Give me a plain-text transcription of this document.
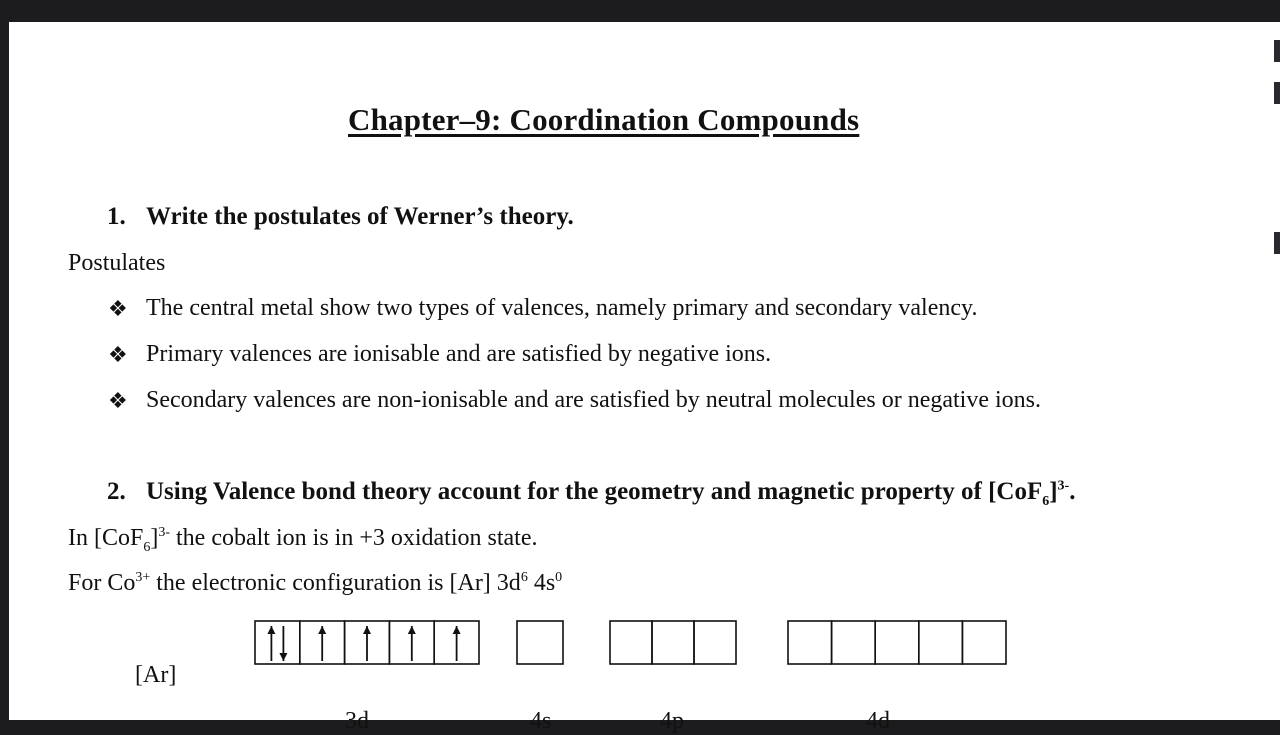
Chapter–9: Coordination Compounds
1. Write the postulates of Werner’s theory.
Postulates
❖ The central metal show two types of valences, namely primary and secondary valency.
❖ Primary valences are ionisable and are satisfied by negative ions.
❖ Secondary valences are non-ionisable and are satisfied by neutral molecules or negative ions.
2. Using Valence bond theory account for the geometry and magnetic property of $[CoF_6]^{3-}$.
In $[CoF_6]^{3-}$ the cobalt ion is in +3 oxidation state.
For $Co^{3+}$ the electronic configuration is [Ar] $3d^6$ $4s^0$
[Ar]
3d	4s	4p	4d
